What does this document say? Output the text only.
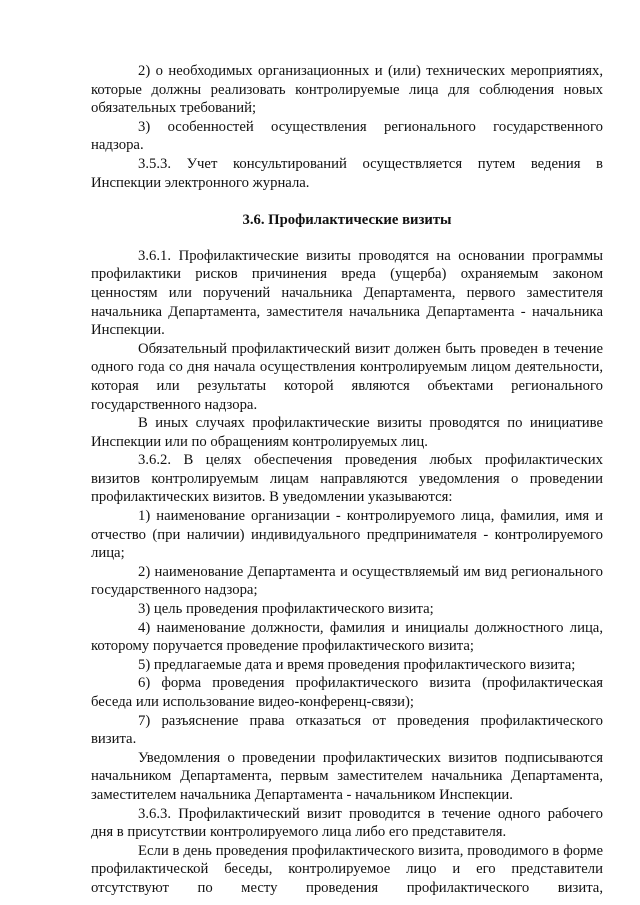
2) о необходимых организационных и (или) технических мероприятиях, которые должны реализовать контролируемые лица для соблюдения новых обязательных требований;

3) особенностей осуществления регионального государственного надзора.

3.5.3. Учет консультирований осуществляется путем ведения в Инспекции электронного журнала.

3.6. Профилактические визиты

3.6.1. Профилактические визиты проводятся на основании программы профилактики рисков причинения вреда (ущерба) охраняемым законом ценностям или поручений начальника Департамента, первого заместителя начальника Департамента, заместителя начальника Департамента - начальника Инспекции.

Обязательный профилактический визит должен быть проведен в течение одного года со дня начала осуществления контролируемым лицом деятельности, которая или результаты которой являются объектами регионального государственного надзора.

В иных случаях профилактические визиты проводятся по инициативе Инспекции или по обращениям контролируемых лиц.

3.6.2. В целях обеспечения проведения любых профилактических визитов контролируемым лицам направляются уведомления о проведении профилактических визитов. В уведомлении указываются:

1) наименование организации - контролируемого лица, фамилия, имя и отчество (при наличии) индивидуального предпринимателя - контролируемого лица;

2) наименование Департамента и осуществляемый им вид регионального государственного надзора;

3) цель проведения профилактического визита;

4) наименование должности, фамилия и инициалы должностного лица, которому поручается проведение профилактического визита;

5) предлагаемые дата и время проведения профилактического визита;

6) форма проведения профилактического визита (профилактическая беседа или использование видео-конференц-связи);

7) разъяснение права отказаться от проведения профилактического визита.

Уведомления о проведении профилактических визитов подписываются начальником Департамента, первым заместителем начальника Департамента, заместителем начальника Департамента - начальником Инспекции.

3.6.3. Профилактический визит проводится в течение одного рабочего дня в присутствии контролируемого лица либо его представителя.

Если в день проведения профилактического визита, проводимого в форме профилактической беседы, контролируемое лицо и его представители отсутствуют по месту проведения профилактического визита,
